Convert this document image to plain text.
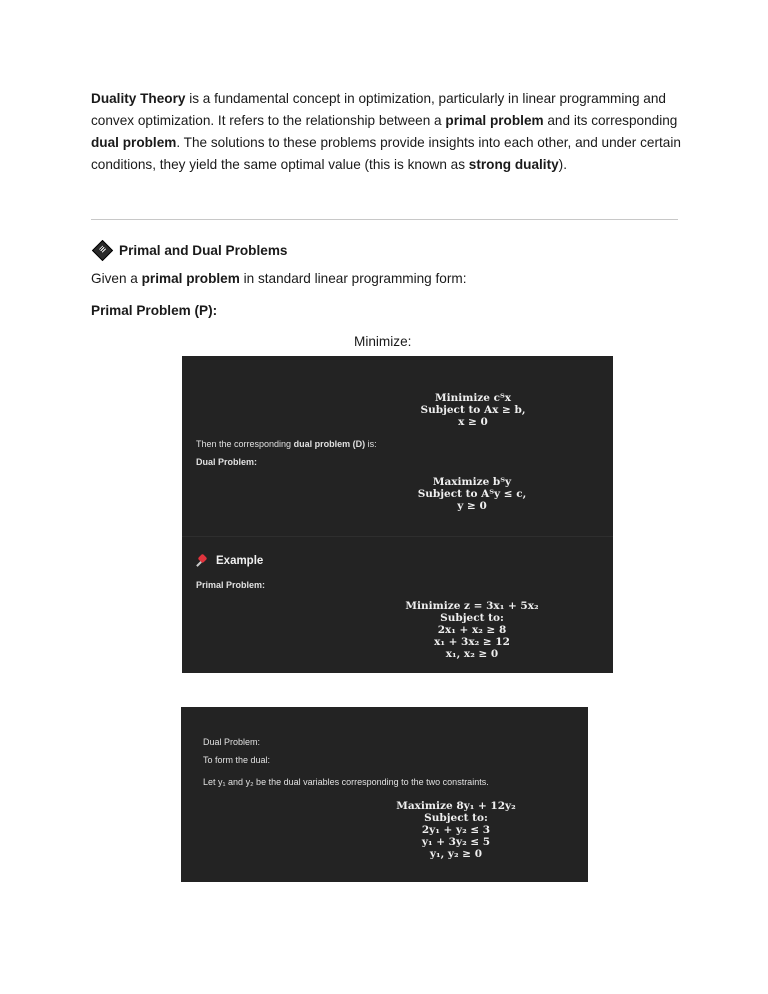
Duality Theory is a fundamental concept in optimization, particularly in linear programming and convex optimization. It refers to the relationship between a primal problem and its corresponding dual problem. The solutions to these problems provide insights into each other, and under certain conditions, they yield the same optimal value (this is known as strong duality).

Primal and Dual Problems
Given a primal problem in standard linear programming form:
Primal Problem (P):
Minimize:
Minimize cᵀx
Subject to Ax ≥ b,
x ≥ 0
Then the corresponding dual problem (D) is:
Dual Problem:
Maximize bᵀy
Subject to Aᵀy ≤ c,
y ≥ 0
Example
Primal Problem:
Minimize z = 3x₁ + 5x₂
Subject to:
2x₁ + x₂ ≥ 8
x₁ + 3x₂ ≥ 12
x₁, x₂ ≥ 0
Dual Problem:
To form the dual:
Let y₁ and y₂ be the dual variables corresponding to the two constraints.
Maximize 8y₁ + 12y₂
Subject to:
2y₁ + y₂ ≤ 3
y₁ + 3y₂ ≤ 5
y₁, y₂ ≥ 0
